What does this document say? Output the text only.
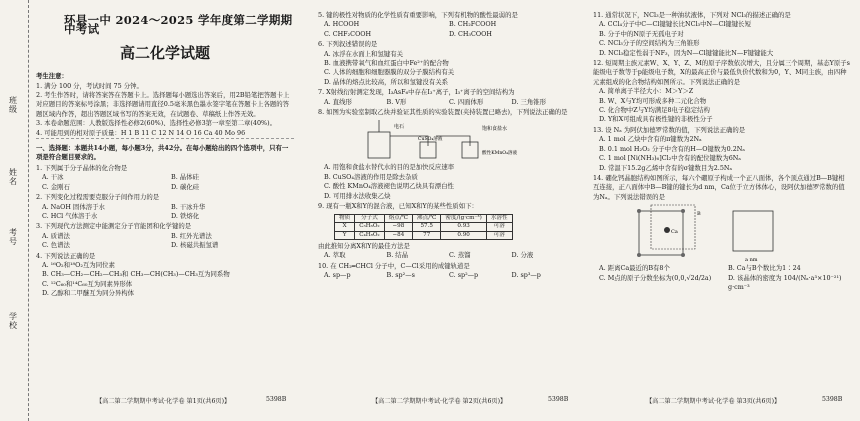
班级
姓名
考号
学校
环县一中 2024～2025 学年度第二学期期中考试
高二化学试题
考生注意：
1. 满分 100 分，考试时间 75 分钟。
2. 考生作答时，请将答案答在答题卡上。选择题每小题选出答案后，用2B铅笔把答题卡上对应题目的答案标号涂黑；非选择题请用直径0.5毫米黑色墨水签字笔在答题卡上各题的答题区域内作答，超出答题区域书写的答案无效，在试题卷、草稿纸上作答无效。
3. 本卷命题范围：人教版选择性必修2(60%)、选择性必修3第一章至第二章(40%)。
4. 可能用到的相对原子质量：H 1 B 11 C 12 N 14 O 16 Ca 40 Mo 96
一、选择题：本题共14小题，每小题3分，共42分。在每小题给出的四个选项中，只有一项是符合题目要求的。
1. 下列属于分子晶体的化合物是
A. 干冰	B. 晶体硅
C. 金刚石	D. 碳化硅
2. 下列变化过程需要克服分子间作用力的是
A. NaOH 固体溶于水	B. 干冰升华
C. HCl 气体溶于水	D. 铁熔化
3. 下列现代方法测定中能测定分子官能团和化学键的是
A. 质谱法	B. 红外光谱法
C. 色谱法	D. 核磁共振氢谱
4. 下列说法正确的是
A. ¹⁶O₂和¹⁸O₂互为同位素
B. CH₃—CH₂—CH₂—CH₃和 CH₃—CH(CH₃)—CH₃互为同系物
C. ¹²C₆₀和¹⁴C₆₀互为同素异形体
D. 乙醇和二甲醚互为同分异构体
【高二第二学期期中考试·化学卷 第1页(共6页)】	5398B
5. 键的极性对物质的化学性质有重要影响，下列有机物的酸性最弱的是
A. HCOOH	B. CH₂FCOOH
C. CHF₂COOH	D. CH₃COOH
6. 下列叙述错误的是
A. 冰浮在水面上和氢键有关
B. 血液携带氧气和血红蛋白中Fe²⁺的配合物
C. 人体的细胞和细胞器膜的双分子膜结构有关
D. 晶体的熔点比较高，所以和氢键没有关系
7. X射线衍射测定发现，I₃AsF₆中存在I₃⁺离子，I₃⁺离子的空间结构为
A. 直线形	B. V形	C. 四面体形	D. 三角锥形
8. 如图为实验室制取乙炔并验证其性质的实验装置(夹持装置已略去)，下列说法正确的是
电石	饱和食盐水
CuSO₄溶液
酸性KMnO₄溶液
A. 用饱和食盐水替代水的目的是加快反应速率
B. CuSO₄溶液的作用是除去杂质
C. 酸性 KMnO₄溶液褪色说明乙炔具有漂白性
D. 可用排水法收集乙炔
9. 现有一瓶X和Y的混合液，已知X和Y的某些性质如下：
物质	分子式	熔点/℃	沸点/℃	密度/(g·cm⁻³)	水溶性
X	C₃H₆O₂	−98	57.5	0.93	可溶
Y	C₄H₈O₂	−84	77	0.90	可溶
由此推知分离X和Y的最佳方法是
A. 萃取	B. 结晶	C. 蒸馏	D. 分液
10. 在 CH₂═CHCl 分子中，C—Cl采用的成键轨道是
A. sp—p	B. sp²—s	C. sp²—p	D. sp³—p
【高二第二学期期中考试·化学卷 第2页(共6页)】	5398B
11. 通常状况下，NCl₃是一种油状液体，下列对 NCl₃的描述正确的是
A. CCl₄分子中C—Cl键键长比NCl₃中N—Cl键键长短
B. 分子中的N原子无孤电子对
C. NCl₃分子的空间结构为三角锥形
D. NCl₃稳定性弱于NF₃，因为N—Cl键键能比N—F键键能大
12. 短周期主族元素W、X、Y、Z、M的原子序数依次增大，且分属三个周期，基态Y原子s能级电子数等于p能级电子数，X的最高正价与最低负价代数和为0，Y、M同主族，由四种元素组成的化合物结构如图所示。下列说法正确的是
A. 简单离子半径大小：M＞Y＞Z
B. W、X与Y均可形成多种二元化合物
C. 化合物中Z与Y均满足8电子稳定结构
D. Y和X可组成具有极性键的非极性分子
13. 设 Nₐ 为阿伏加德罗常数的值，下列说法正确的是
A. 1 mol 乙炔中含有的π键数为2Nₐ
B. 0.1 mol H₂O₂ 分子中含有的H—O键数为0.2Nₐ
C. 1 mol [Ni(NH₃)₆]Cl₂中含有的配位键数为6Nₐ
D. 常温下15.2g乙烯中含有的σ键数目为2.5Nₐ
14. 硼化钙晶胞结构如图所示，每六个硼原子构成一个正八面体，各个顶点通过B—B键相互连接，正八面体中B—B键的键长为d nm，Ca位于立方体体心，设阿伏加德罗常数的值为Nₐ。下列说法错误的是
a nm
Ca
B
A. 距离Ca最近的B有8个	B. Ca与B个数比为1∶24
C. M点的原子分数坐标为(0,0,√2d/2a)	D. 该晶体的密度为 104/(Nₐ·a³×10⁻²¹) g·cm⁻³
【高二第二学期期中考试·化学卷 第3页(共6页)】	5398B
